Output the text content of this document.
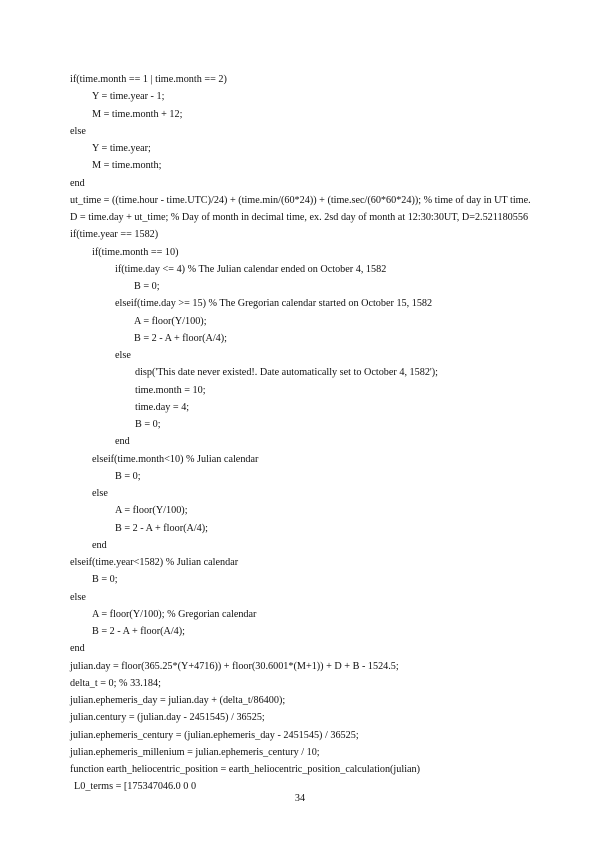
if(time.month == 1 | time.month == 2)
Y = time.year - 1;
M = time.month + 12;
else
Y = time.year;
M = time.month;
end
ut_time = ((time.hour - time.UTC)/24) + (time.min/(60*24)) + (time.sec/(60*60*24)); % time of day in UT time.
D = time.day + ut_time; % Day of month in decimal time, ex. 2sd day of month at 12:30:30UT, D=2.521180556
if(time.year == 1582)
if(time.month == 10)
if(time.day <= 4) % The Julian calendar ended on October 4, 1582
B = 0;
elseif(time.day >= 15) % The Gregorian calendar started on October 15, 1582
A = floor(Y/100);
B = 2 - A + floor(A/4);
else
disp('This date never existed!. Date automatically set to October 4, 1582');
time.month = 10;
time.day = 4;
B = 0;
end
elseif(time.month<10) % Julian calendar
B = 0;
else
A = floor(Y/100);
B = 2 - A + floor(A/4);
end
elseif(time.year<1582) % Julian calendar
B = 0;
else
A = floor(Y/100); % Gregorian calendar
B = 2 - A + floor(A/4);
end
julian.day = floor(365.25*(Y+4716)) + floor(30.6001*(M+1)) + D + B - 1524.5;
delta_t = 0; % 33.184;
julian.ephemeris_day = julian.day + (delta_t/86400);
julian.century = (julian.day - 2451545) / 36525;
julian.ephemeris_century = (julian.ephemeris_day - 2451545) / 36525;
julian.ephemeris_millenium = julian.ephemeris_century / 10;
function earth_heliocentric_position = earth_heliocentric_position_calculation(julian)
L0_terms = [175347046.0 0 0
34
